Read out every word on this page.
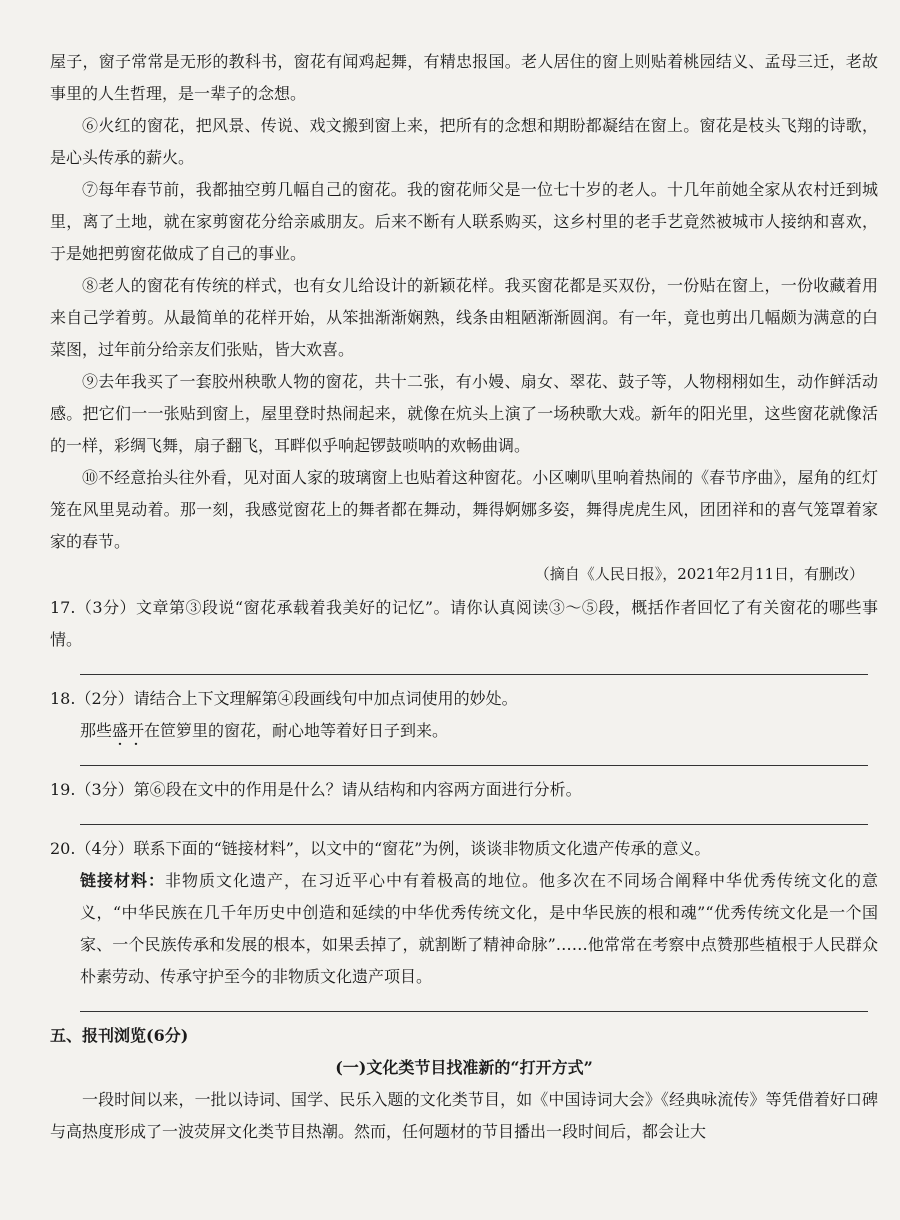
屋子，窗子常常是无形的教科书，窗花有闻鸡起舞，有精忠报国。老人居住的窗上则贴着桃园结义、孟母三迁，老故事里的人生哲理，是一辈子的念想。

⑥火红的窗花，把风景、传说、戏文搬到窗上来，把所有的念想和期盼都凝结在窗上。窗花是枝头飞翔的诗歌，是心头传承的薪火。

⑦每年春节前，我都抽空剪几幅自己的窗花。我的窗花师父是一位七十岁的老人。十几年前她全家从农村迁到城里，离了土地，就在家剪窗花分给亲戚朋友。后来不断有人联系购买，这乡村里的老手艺竟然被城市人接纳和喜欢，于是她把剪窗花做成了自己的事业。

⑧老人的窗花有传统的样式，也有女儿给设计的新颖花样。我买窗花都是买双份，一份贴在窗上，一份收藏着用来自己学着剪。从最简单的花样开始，从笨拙渐渐娴熟，线条由粗陋渐渐圆润。有一年，竟也剪出几幅颇为满意的白菜图，过年前分给亲友们张贴，皆大欢喜。

⑨去年我买了一套胶州秧歌人物的窗花，共十二张，有小嫚、扇女、翠花、鼓子等，人物栩栩如生，动作鲜活动感。把它们一一张贴到窗上，屋里登时热闹起来，就像在炕头上演了一场秧歌大戏。新年的阳光里，这些窗花就像活的一样，彩绸飞舞，扇子翻飞，耳畔似乎响起锣鼓唢呐的欢畅曲调。

⑩不经意抬头往外看，见对面人家的玻璃窗上也贴着这种窗花。小区喇叭里响着热闹的《春节序曲》，屋角的红灯笼在风里晃动着。那一刻，我感觉窗花上的舞者都在舞动，舞得婀娜多姿，舞得虎虎生风，团团祥和的喜气笼罩着家家的春节。

（摘自《人民日报》，2021年2月11日，有删改）

17.（3分）文章第③段说“窗花承载着我美好的记忆”。请你认真阅读③～⑤段，概括作者回忆了有关窗花的哪些事情。

18.（2分）请结合上下文理解第④段画线句中加点词使用的妙处。

那些盛开在笸箩里的窗花，耐心地等着好日子到来。

19.（3分）第⑥段在文中的作用是什么？请从结构和内容两方面进行分析。

20.（4分）联系下面的“链接材料”，以文中的“窗花”为例，谈谈非物质文化遗产传承的意义。

链接材料：非物质文化遗产，在习近平心中有着极高的地位。他多次在不同场合阐释中华优秀传统文化的意义，“中华民族在几千年历史中创造和延续的中华优秀传统文化，是中华民族的根和魂”“优秀传统文化是一个国家、一个民族传承和发展的根本，如果丢掉了，就割断了精神命脉”……他常常在考察中点赞那些植根于人民群众朴素劳动、传承守护至今的非物质文化遗产项目。

五、报刊浏览(6分)

(一)文化类节目找准新的“打开方式”

一段时间以来，一批以诗词、国学、民乐入题的文化类节目，如《中国诗词大会》《经典咏流传》等凭借着好口碑与高热度形成了一波荧屏文化类节目热潮。然而，任何题材的节目播出一段时间后，都会让大
